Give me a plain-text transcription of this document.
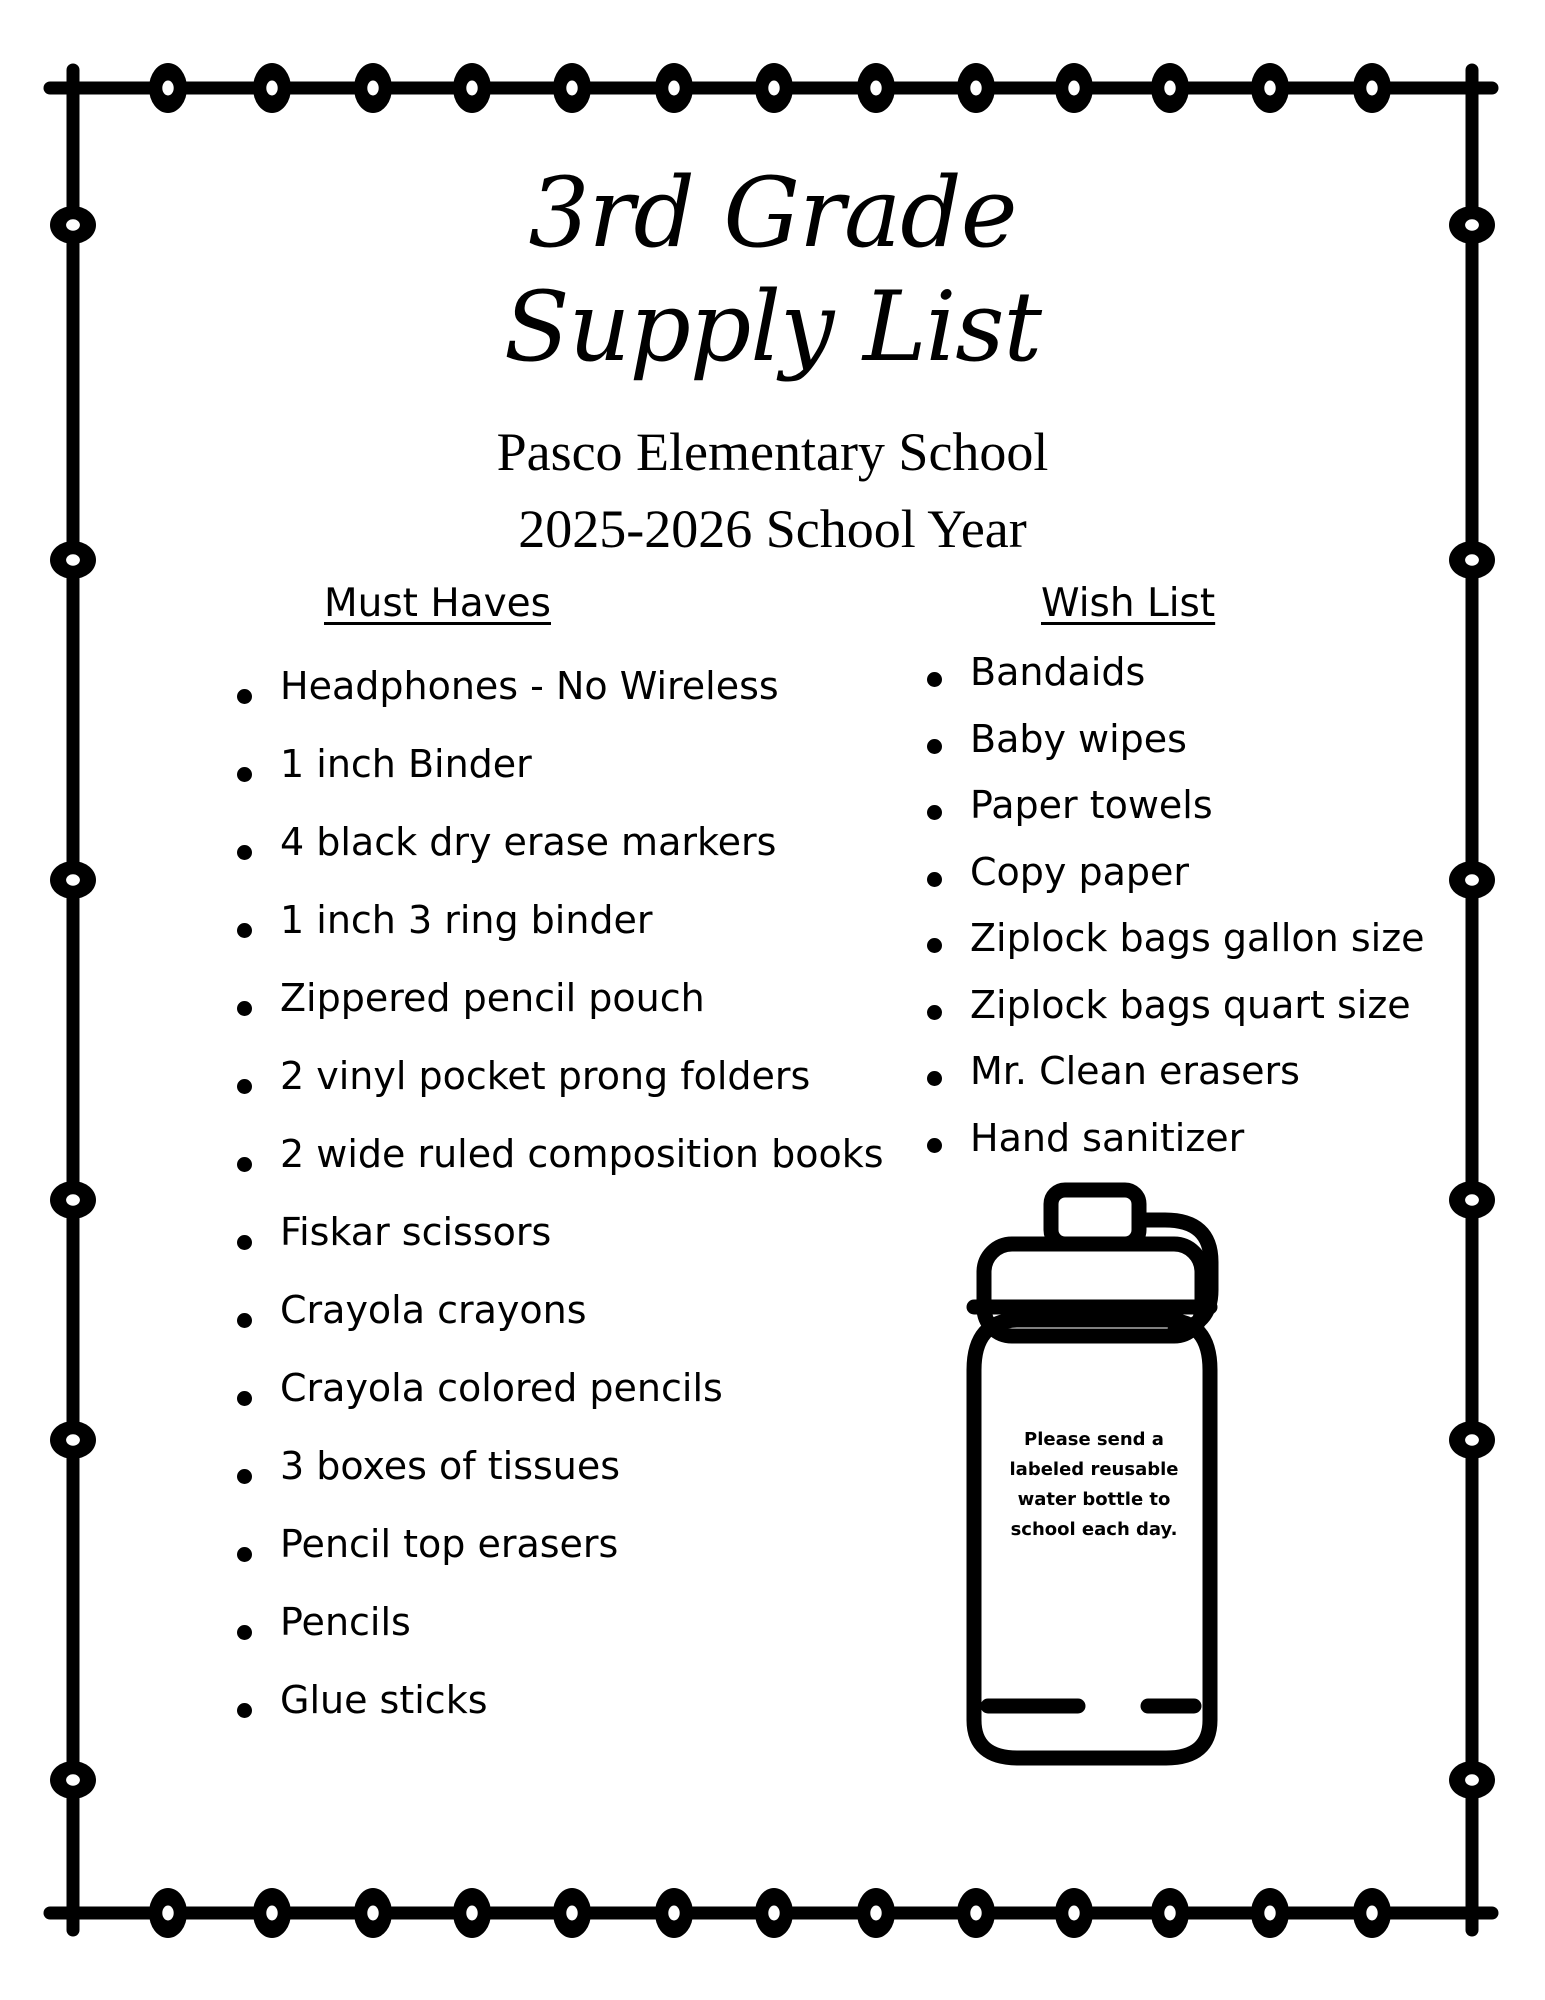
3rd Grade
Supply List
Pasco Elementary School
2025-2026 School Year
Must Haves	Wish List
Headphones - No Wireless
1 inch Binder
4 black dry erase markers
1 inch 3 ring binder
Zippered pencil pouch
2 vinyl pocket prong folders
2 wide ruled composition books
Fiskar scissors
Crayola crayons
Crayola colored pencils
3 boxes of tissues
Pencil top erasers
Pencils
Glue sticks
Bandaids
Baby wipes
Paper towels
Copy paper
Ziplock bags gallon size
Ziplock bags quart size
Mr. Clean erasers
Hand sanitizer
Please send a labeled reusable water bottle to school each day.
